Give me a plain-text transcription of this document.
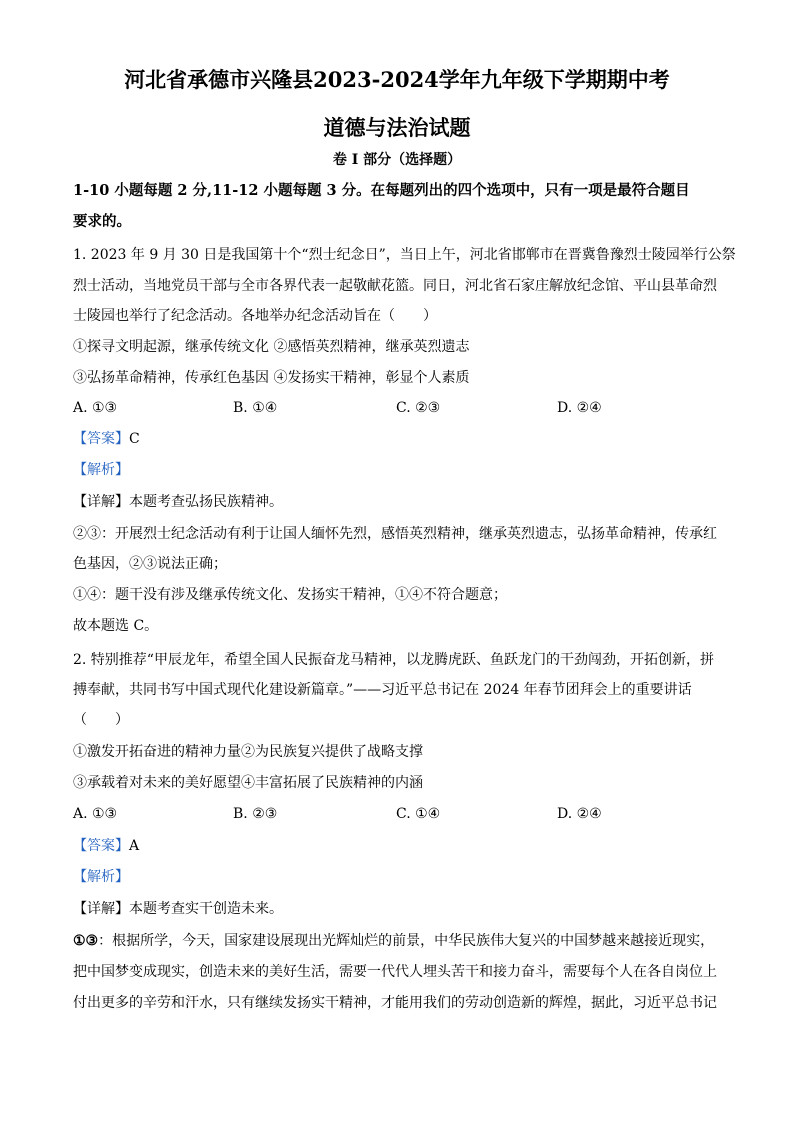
河北省承德市兴隆县2023-2024学年九年级下学期期中考
道德与法治试题
卷 I 部分（选择题）
1-10 小题每题 2 分,11-12 小题每题 3 分。在每题列出的四个选项中，只有一项是最符合题目
要求的。
1. 2023 年 9 月 30 日是我国第十个“烈士纪念日”，当日上午，河北省邯郸市在晋冀鲁豫烈士陵园举行公祭
烈士活动，当地党员干部与全市各界代表一起敬献花篮。同日，河北省石家庄解放纪念馆、平山县革命烈
士陵园也举行了纪念活动。各地举办纪念活动旨在（　　）
①探寻文明起源，继承传统文化 ②感悟英烈精神，继承英烈遗志
③弘扬革命精神，传承红色基因 ④发扬实干精神，彰显个人素质
A. ①③	B. ①④	C. ②③	D. ②④
【答案】C
【解析】
【详解】本题考查弘扬民族精神。
②③：开展烈士纪念活动有利于让国人缅怀先烈，感悟英烈精神，继承英烈遗志，弘扬革命精神，传承红
色基因，②③说法正确；
①④：题干没有涉及继承传统文化、发扬实干精神，①④不符合题意；
故本题选 C。
2. 特别推荐“甲辰龙年，希望全国人民振奋龙马精神，以龙腾虎跃、鱼跃龙门的干劲闯劲，开拓创新，拼
搏奉献，共同书写中国式现代化建设新篇章。”——习近平总书记在 2024 年春节团拜会上的重要讲话
（　　）
①激发开拓奋进的精神力量②为民族复兴提供了战略支撑
③承载着对未来的美好愿望④丰富拓展了民族精神的内涵
A. ①③	B. ②③	C. ①④	D. ②④
【答案】A
【解析】
【详解】本题考查实干创造未来。
①③：根据所学，今天，国家建设展现出光辉灿烂的前景，中华民族伟大复兴的中国梦越来越接近现实，
把中国梦变成现实，创造未来的美好生活，需要一代代人埋头苦干和接力奋斗，需要每个人在各自岗位上
付出更多的辛劳和汗水，只有继续发扬实干精神，才能用我们的劳动创造新的辉煌，据此，习近平总书记
